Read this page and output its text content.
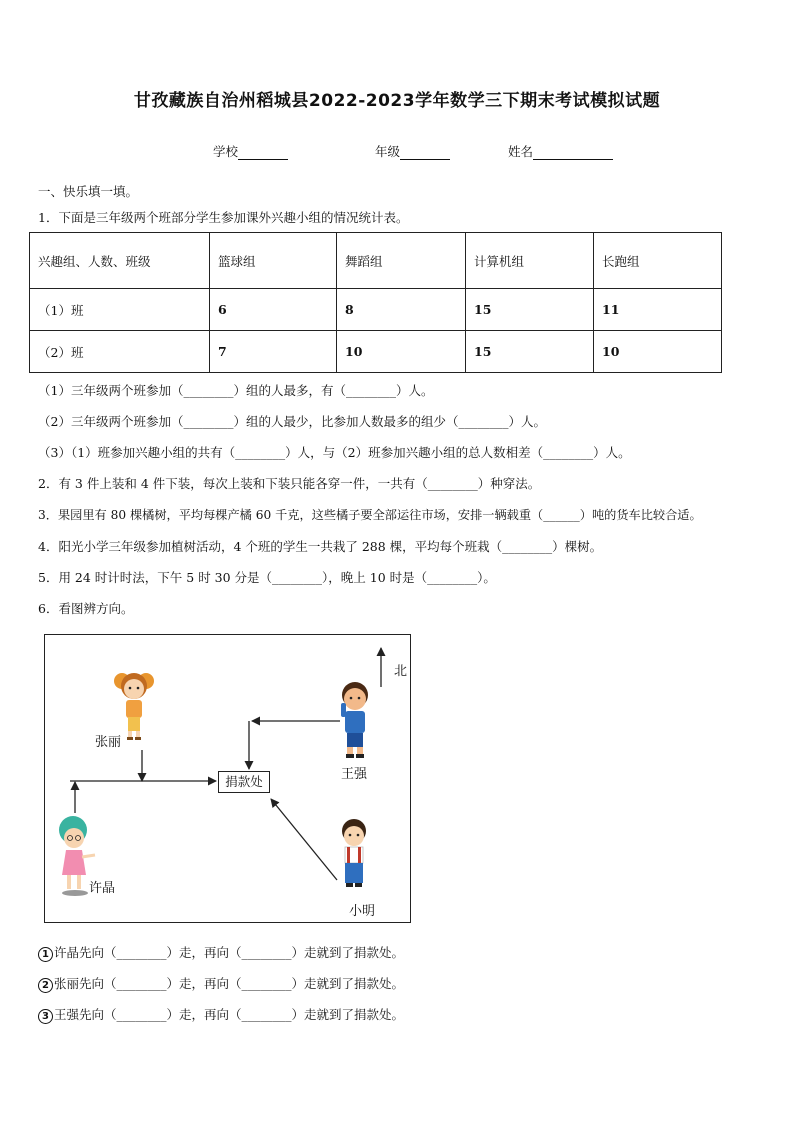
甘孜藏族自治州稻城县2022-2023学年数学三下期末考试模拟试题
学校	年级	姓名
一、快乐填一填。
1．下面是三年级两个班部分学生参加课外兴趣小组的情况统计表。
兴趣组、人数、班级	篮球组	舞蹈组	计算机组	长跑组
（1）班	6	8	15	11
（2）班	7	10	15	10
（1）三年级两个班参加（________）组的人最多，有（________）人。
（2）三年级两个班参加（________）组的人最少，比参加人数最多的组少（________）人。
（3）（1）班参加兴趣小组的共有（________）人，与（2）班参加兴趣小组的总人数相差（________）人。
2．有 3 件上装和 4 件下装，每次上装和下装只能各穿一件，一共有（________）种穿法。
3．果园里有 80 棵橘树，平均每棵产橘 60 千克，这些橘子要全部运往市场，安排一辆载重（______）吨的货车比较合适。
4．阳光小学三年级参加植树活动，4 个班的学生一共栽了 288 棵，平均每个班栽（________）棵树。
5．用 24 时计时法，下午 5 时 30 分是（________），晚上 10 时是（________）。
6．看图辨方向。
北
张丽
王强
许晶
小明
捐款处
1 许晶先向（________）走，再向（________）走就到了捐款处。
2 张丽先向（________）走，再向（________）走就到了捐款处。
3 王强先向（________）走，再向（________）走就到了捐款处。
